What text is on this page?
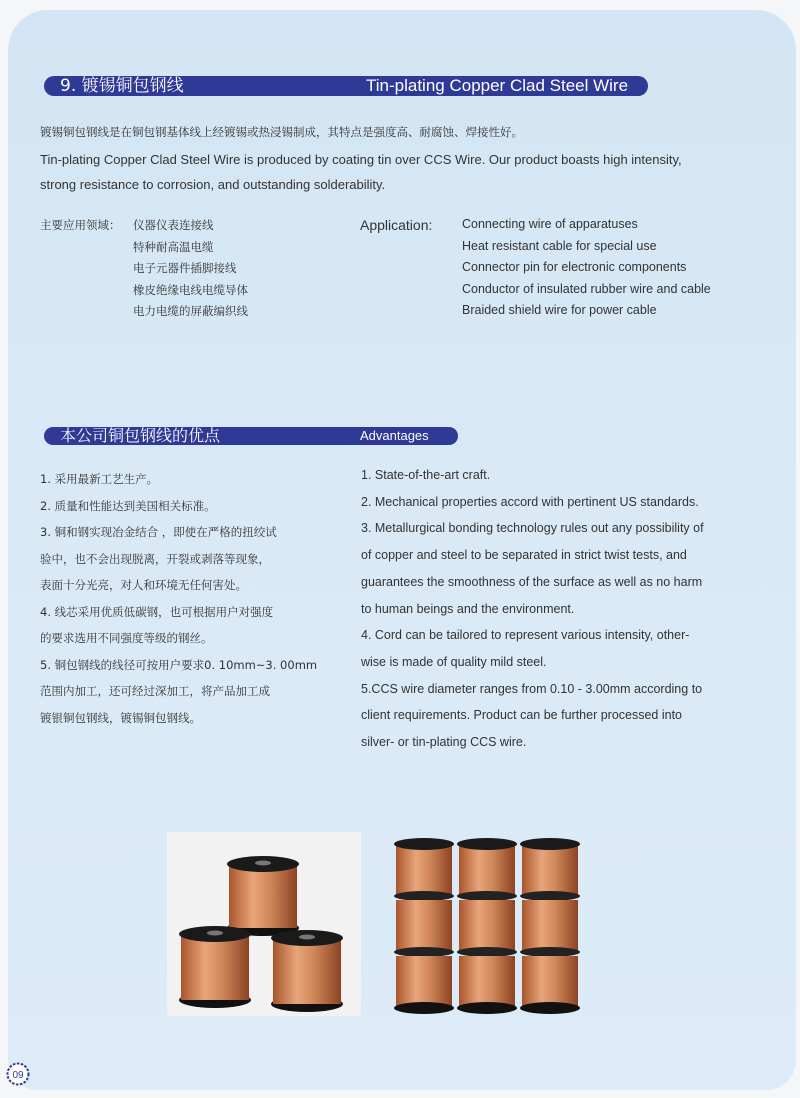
9. 镀锡铜包钢线	Tin-plating Copper Clad Steel Wire
镀锡铜包钢线是在铜包钢基体线上经镀锡或热浸锡制成，其特点是强度高、耐腐蚀、焊接性好。
Tin-plating Copper Clad Steel Wire is produced by coating tin over CCS Wire. Our product boasts high intensity,
strong resistance to corrosion, and outstanding solderability.
主要应用领域： 仪器仪表连接线
特种耐高温电缆
电子元器件插脚接线
橡皮绝缘电线电缆导体
电力电缆的屏蔽编织线
Application: Connecting wire of apparatuses
Heat resistant cable for special use
Connector pin for electronic components
Conductor of insulated rubber wire and cable
Braided shield wire for power cable
本公司铜包钢线的优点	Advantages
1. 采用最新工艺生产。
2. 质量和性能达到美国相关标准。
3. 铜和钢实现冶金结合 ，即使在严格的扭绞试
验中，也不会出现脱离，开裂或剥落等现象，
表面十分光亮，对人和环境无任何害处。
4. 线芯采用优质低碳钢，也可根据用户对强度
的要求选用不同强度等级的钢丝。
5. 铜包钢线的线径可按用户要求0. 10mm~3. 00mm
范围内加工，还可经过深加工，将产品加工成
镀银铜包钢线，镀锡铜包钢线。
1. State-of-the-art craft.
2. Mechanical properties accord with pertinent US standards.
3. Metallurgical bonding technology rules out any possibility of
of copper and steel to be separated in strict twist tests, and
guarantees the smoothness of the surface as well as no harm
to human beings and the environment.
4. Cord can be tailored to represent various intensity, other-
wise is made of quality mild steel.
5.CCS wire diameter ranges from 0.10 - 3.00mm according to
client requirements. Product can be further processed into
silver- or tin-plating CCS wire.
09
